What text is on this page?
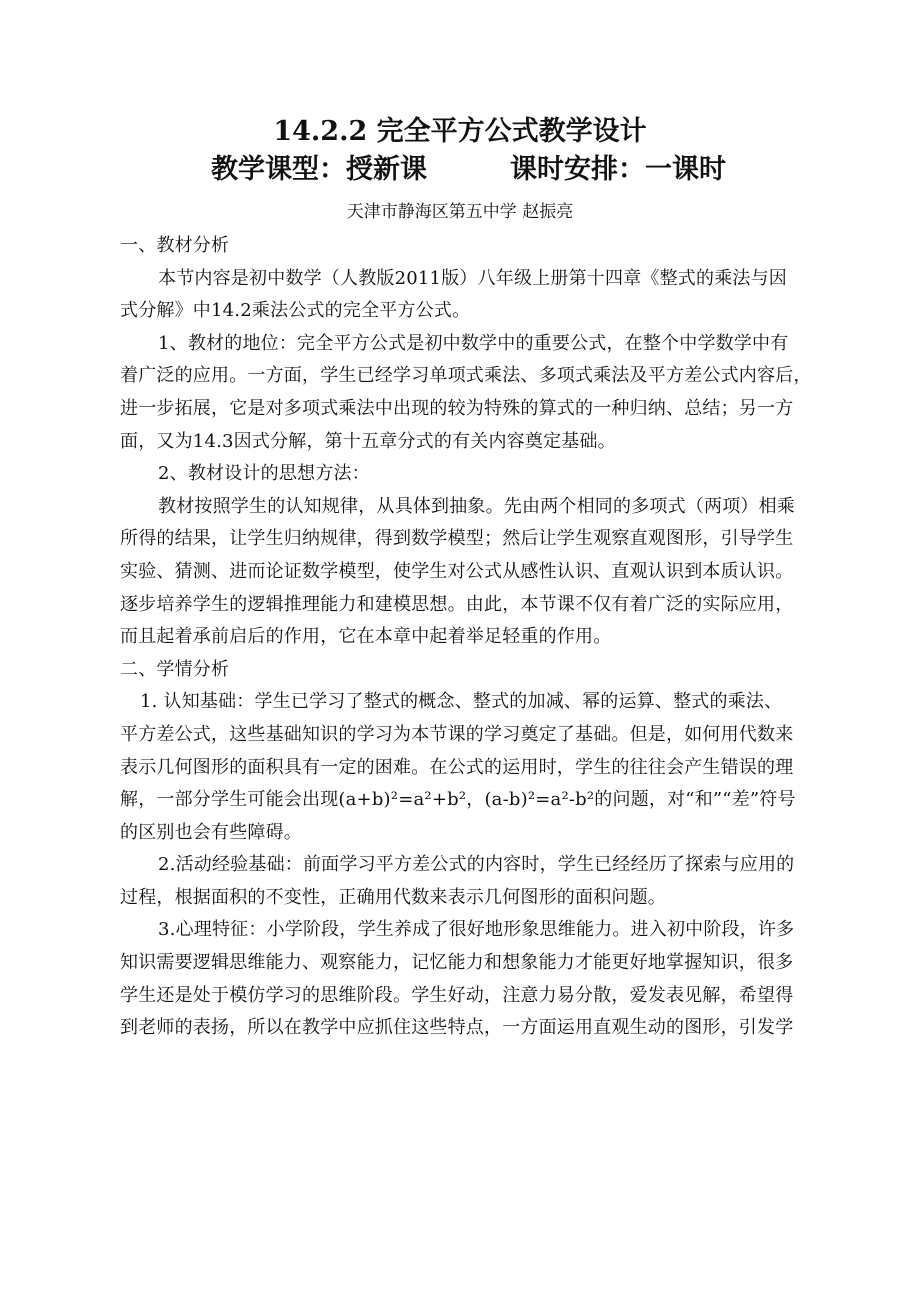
14.2.2 完全平方公式教学设计
教学课型：授新课	课时安排：一课时
天津市静海区第五中学 赵振亮
一、教材分析
本节内容是初中数学（人教版2011版）八年级上册第十四章《整式的乘法与因
式分解》中14.2乘法公式的完全平方公式。
1、教材的地位：完全平方公式是初中数学中的重要公式，在整个中学数学中有
着广泛的应用。一方面，学生已经学习单项式乘法、多项式乘法及平方差公式内容后，
进一步拓展，它是对多项式乘法中出现的较为特殊的算式的一种归纳、总结；另一方
面，又为14.3因式分解，第十五章分式的有关内容奠定基础。
2、教材设计的思想方法：
教材按照学生的认知规律，从具体到抽象。先由两个相同的多项式（两项）相乘
所得的结果，让学生归纳规律，得到数学模型；然后让学生观察直观图形，引导学生
实验、猜测、进而论证数学模型，使学生对公式从感性认识、直观认识到本质认识。
逐步培养学生的逻辑推理能力和建模思想。由此，本节课不仅有着广泛的实际应用，
而且起着承前启后的作用，它在本章中起着举足轻重的作用。
二、学情分析
1. 认知基础：学生已学习了整式的概念、整式的加减、幂的运算、整式的乘法、
平方差公式，这些基础知识的学习为本节课的学习奠定了基础。但是，如何用代数来
表示几何图形的面积具有一定的困难。在公式的运用时，学生的往往会产生错误的理
解，一部分学生可能会出现(a+b)²=a²+b²，(a-b)²=a²-b²的问题，对“和”“差”符号
的区别也会有些障碍。
2.活动经验基础：前面学习平方差公式的内容时，学生已经经历了探索与应用的
过程，根据面积的不变性，正确用代数来表示几何图形的面积问题。
3.心理特征：小学阶段，学生养成了很好地形象思维能力。进入初中阶段，许多
知识需要逻辑思维能力、观察能力，记忆能力和想象能力才能更好地掌握知识，很多
学生还是处于模仿学习的思维阶段。学生好动，注意力易分散，爱发表见解，希望得
到老师的表扬，所以在教学中应抓住这些特点，一方面运用直观生动的图形，引发学
